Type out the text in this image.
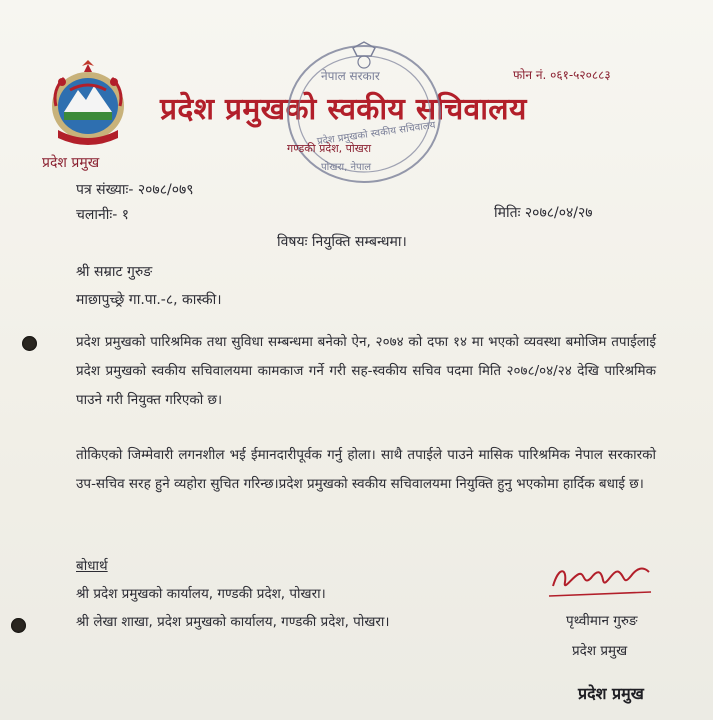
प्रदेश प्रमुखको स्वकीय सचिवालय
प्रदेश प्रमुख
फोन नं. ०६१-५२०८८३
नेपाल सरकार
प्रदेश प्रमुखको स्वकीय सचिवालय
गण्डकी प्रदेश, पोखरा
पोखरा, नेपाल
पत्र संख्याः- २०७८/०७९
चलानीः- १	मितिः २०७८/०४/२७
विषयः नियुक्ति सम्बन्धमा।
श्री सम्राट गुरुङ
माछापुच्छ्रे गा.पा.-८, कास्की।
प्रदेश प्रमुखको पारिश्रमिक तथा सुविधा सम्बन्धमा बनेको ऐन, २०७४ को दफा १४ मा भएको व्यवस्था बमोजिम तपाईलाई प्रदेश प्रमुखको स्वकीय सचिवालयमा कामकाज गर्ने गरी सह-स्वकीय सचिव पदमा मिति २०७८/०४/२४ देखि पारिश्रमिक पाउने गरी नियुक्त गरिएको छ।
तोकिएको जिम्मेवारी लगनशील भई ईमानदारीपूर्वक गर्नु होला। साथै तपाईले पाउने मासिक पारिश्रमिक नेपाल सरकारको उप-सचिव सरह हुने व्यहोरा सुचित गरिन्छ।प्रदेश प्रमुखको स्वकीय सचिवालयमा नियुक्ति हुनु भएकोमा हार्दिक बधाई छ।
बोधार्थ
श्री प्रदेश प्रमुखको कार्यालय, गण्डकी प्रदेश, पोखरा।
श्री लेखा शाखा, प्रदेश प्रमुखको कार्यालय, गण्डकी प्रदेश, पोखरा।	पृथ्वीमान गुरुङ
प्रदेश प्रमुख
प्रदेश प्रमुख
